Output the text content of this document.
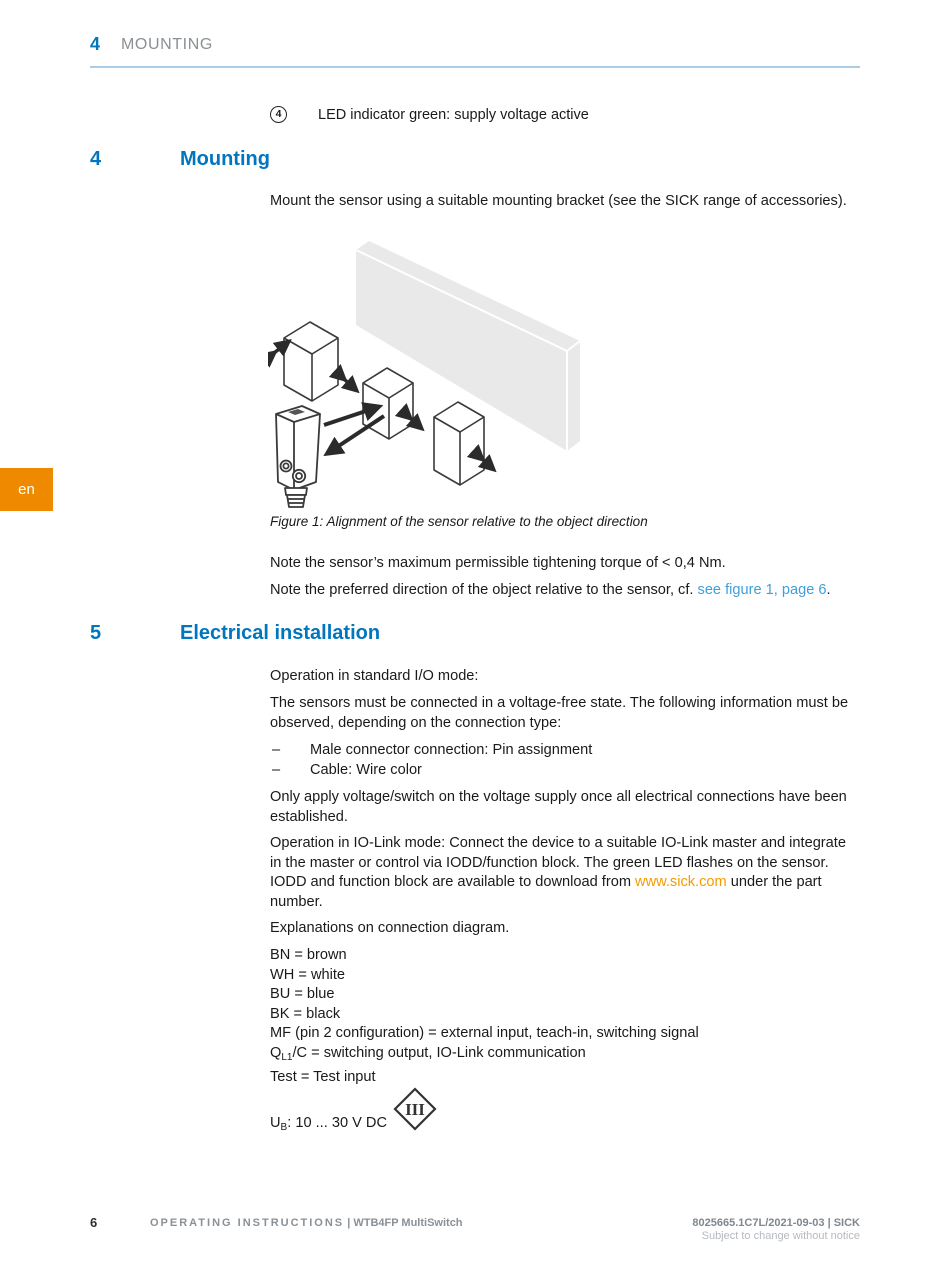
4 MOUNTING
4	LED indicator green: supply voltage active
4	Mounting

Mount the sensor using a suitable mounting bracket (see the SICK range of accessories).

Figure 1: Alignment of the sensor relative to the object direction

Note the sensor’s maximum permissible tightening torque of < 0,4 Nm.

Note the preferred direction of the object relative to the sensor, cf. see figure 1, page 6.

5	Electrical installation

Operation in standard I/O mode:

The sensors must be connected in a voltage-free state. The following information must be observed, depending on the connection type:

–	Male connector connection: Pin assignment
–	Cable: Wire color

Only apply voltage/switch on the voltage supply once all electrical connections have been established.

Operation in IO-Link mode: Connect the device to a suitable IO-Link master and integrate in the master or control via IODD/function block. The green LED flashes on the sensor. IODD and function block are available to download from www.sick.com under the part number.

Explanations on connection diagram.

BN = brown
WH = white
BU = blue
BK = black
MF (pin 2 configuration) = external input, teach-in, switching signal
$Q_{L1}/C$ = switching output, IO-Link communication
Test = Test input
$U_B$: 10 ... 30 V DC
III
en
6	OPERATING INSTRUCTIONS | WTB4FP MultiSwitch	8025665.1C7L/2021-09-03 | SICK
Subject to change without notice
